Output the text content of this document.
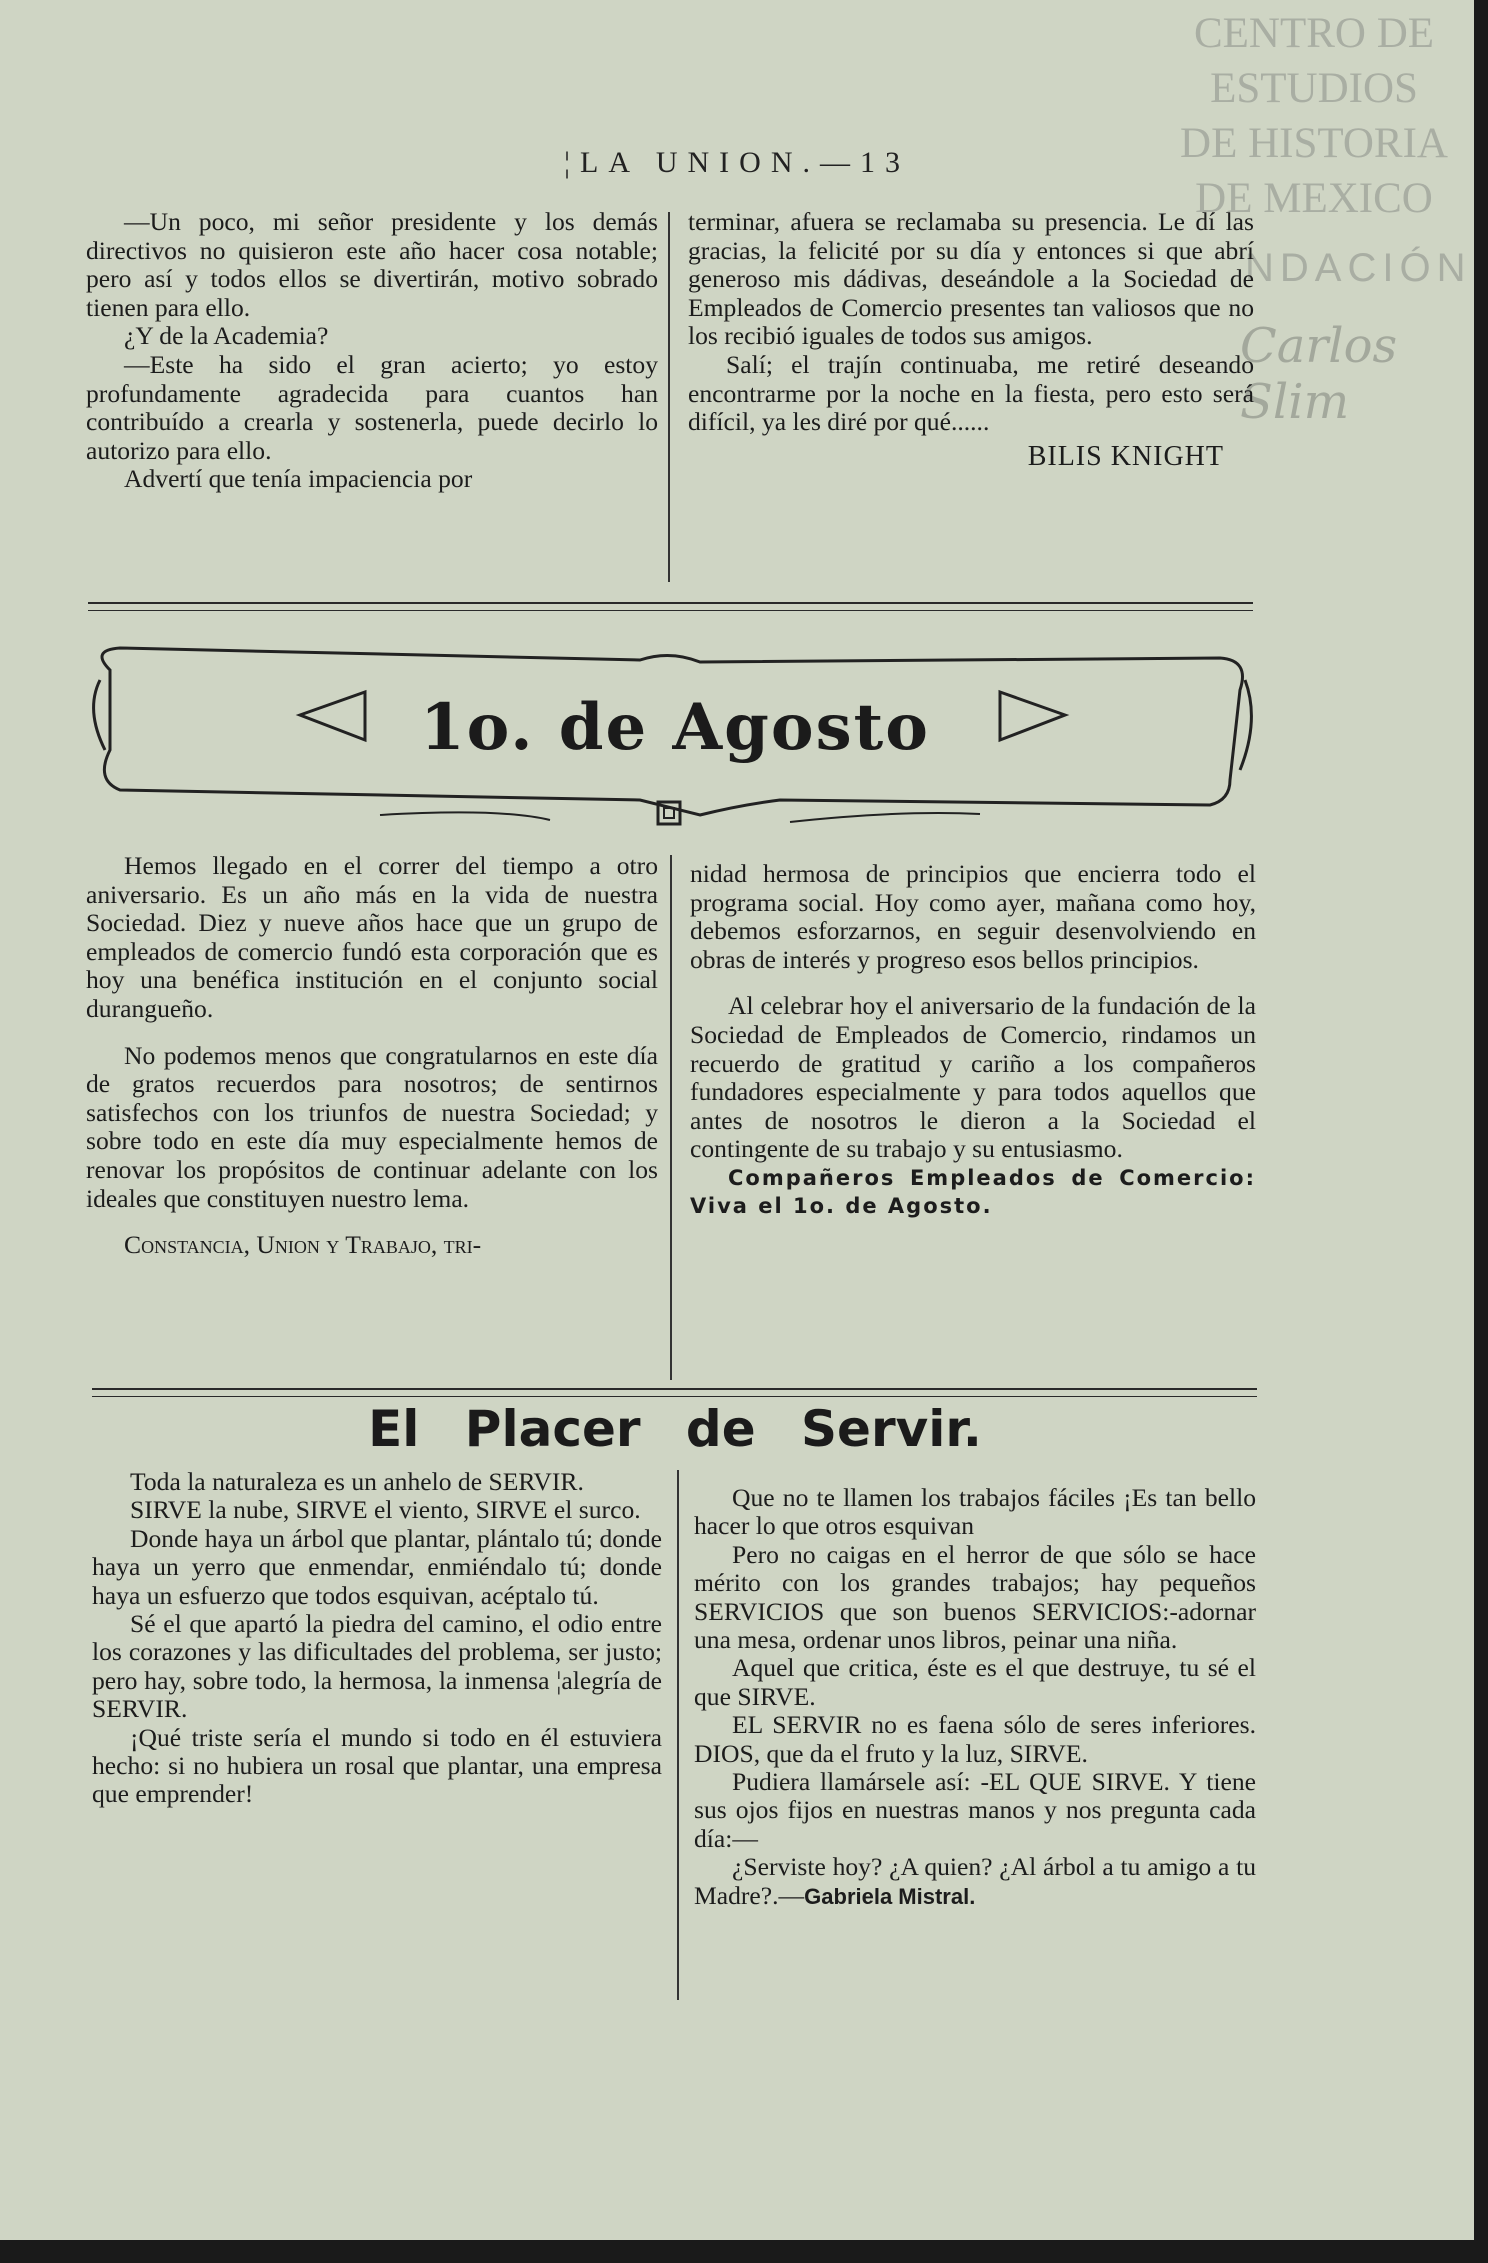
CENTRO DE
ESTUDIOS
DE HISTORIA
DE MEXICO
NDACIÓN
Carlos Slim
¦LA UNION.—13

—Un poco, mi señor presidente y los demás directivos no quisieron este año hacer cosa notable; pero así y todos ellos se divertirán, motivo sobrado tienen para ello.

¿Y de la Academia?

—Este ha sido el gran acierto; yo estoy profundamente agradecida para cuantos han contribuído a crearla y sostenerla, puede decirlo lo autorizo para ello.

Advertí que tenía impaciencia por

terminar, afuera se reclamaba su presencia. Le dí las gracias, la felicité por su día y entonces si que abrí generoso mis dádivas, deseándole a la Sociedad de Empleados de Comercio presentes tan valiosos que no los recibió iguales de todos sus amigos.

Salí; el trajín continuaba, me retiré deseando encontrarme por la noche en la fiesta, pero esto será difícil, ya les diré por qué......

BILIS KNIGHT
1o. de Agosto

Hemos llegado en el correr del tiempo a otro aniversario. Es un año más en la vida de nuestra Sociedad. Diez y nueve años hace que un grupo de empleados de comercio fundó esta corporación que es hoy una benéfica institución en el conjunto social durangueño.

No podemos menos que congratularnos en este día de gratos recuerdos para nosotros; de sentirnos satisfechos con los triunfos de nuestra Sociedad; y sobre todo en este día muy especialmente hemos de renovar los propósitos de continuar adelante con los ideales que constituyen nuestro lema.

Constancia, Union y Trabajo, tri-

nidad hermosa de principios que encierra todo el programa social. Hoy como ayer, mañana como hoy, debemos esforzarnos, en seguir desenvolviendo en obras de interés y progreso esos bellos principios.

Al celebrar hoy el aniversario de la fundación de la Sociedad de Empleados de Comercio, rindamos un recuerdo de gratitud y cariño a los compañeros fundadores especialmente y para todos aquellos que antes de nosotros le dieron a la Sociedad el contingente de su trabajo y su entusiasmo.

Compañeros Empleados de Comercio: Viva el 1o. de Agosto.

El Placer de Servir.

Toda la naturaleza es un anhelo de SERVIR.

SIRVE la nube, SIRVE el viento, SIRVE el surco.

Donde haya un árbol que plantar, plántalo tú; donde haya un yerro que enmendar, enmiéndalo tú; donde haya un esfuerzo que todos esquivan, acéptalo tú.

Sé el que apartó la piedra del camino, el odio entre los corazones y las dificultades del problema, ser justo; pero hay, sobre todo, la hermosa, la inmensa ¦alegría de SERVIR.

¡Qué triste sería el mundo si todo en él estuviera hecho: si no hubiera un rosal que plantar, una empresa que emprender!

Que no te llamen los trabajos fáciles ¡Es tan bello hacer lo que otros esquivan

Pero no caigas en el herror de que sólo se hace mérito con los grandes trabajos; hay pequeños SERVICIOS que son buenos SERVICIOS:-adornar una mesa, ordenar unos libros, peinar una niña.

Aquel que critica, éste es el que destruye, tu sé el que SIRVE.

EL SERVIR no es faena sólo de seres inferiores. DIOS, que da el fruto y la luz, SIRVE.

Pudiera llamársele así: -EL QUE SIRVE. Y tiene sus ojos fijos en nuestras manos y nos pregunta cada día:—

¿Serviste hoy? ¿A quien? ¿Al árbol a tu amigo a tu Madre?.—Gabriela Mistral.
